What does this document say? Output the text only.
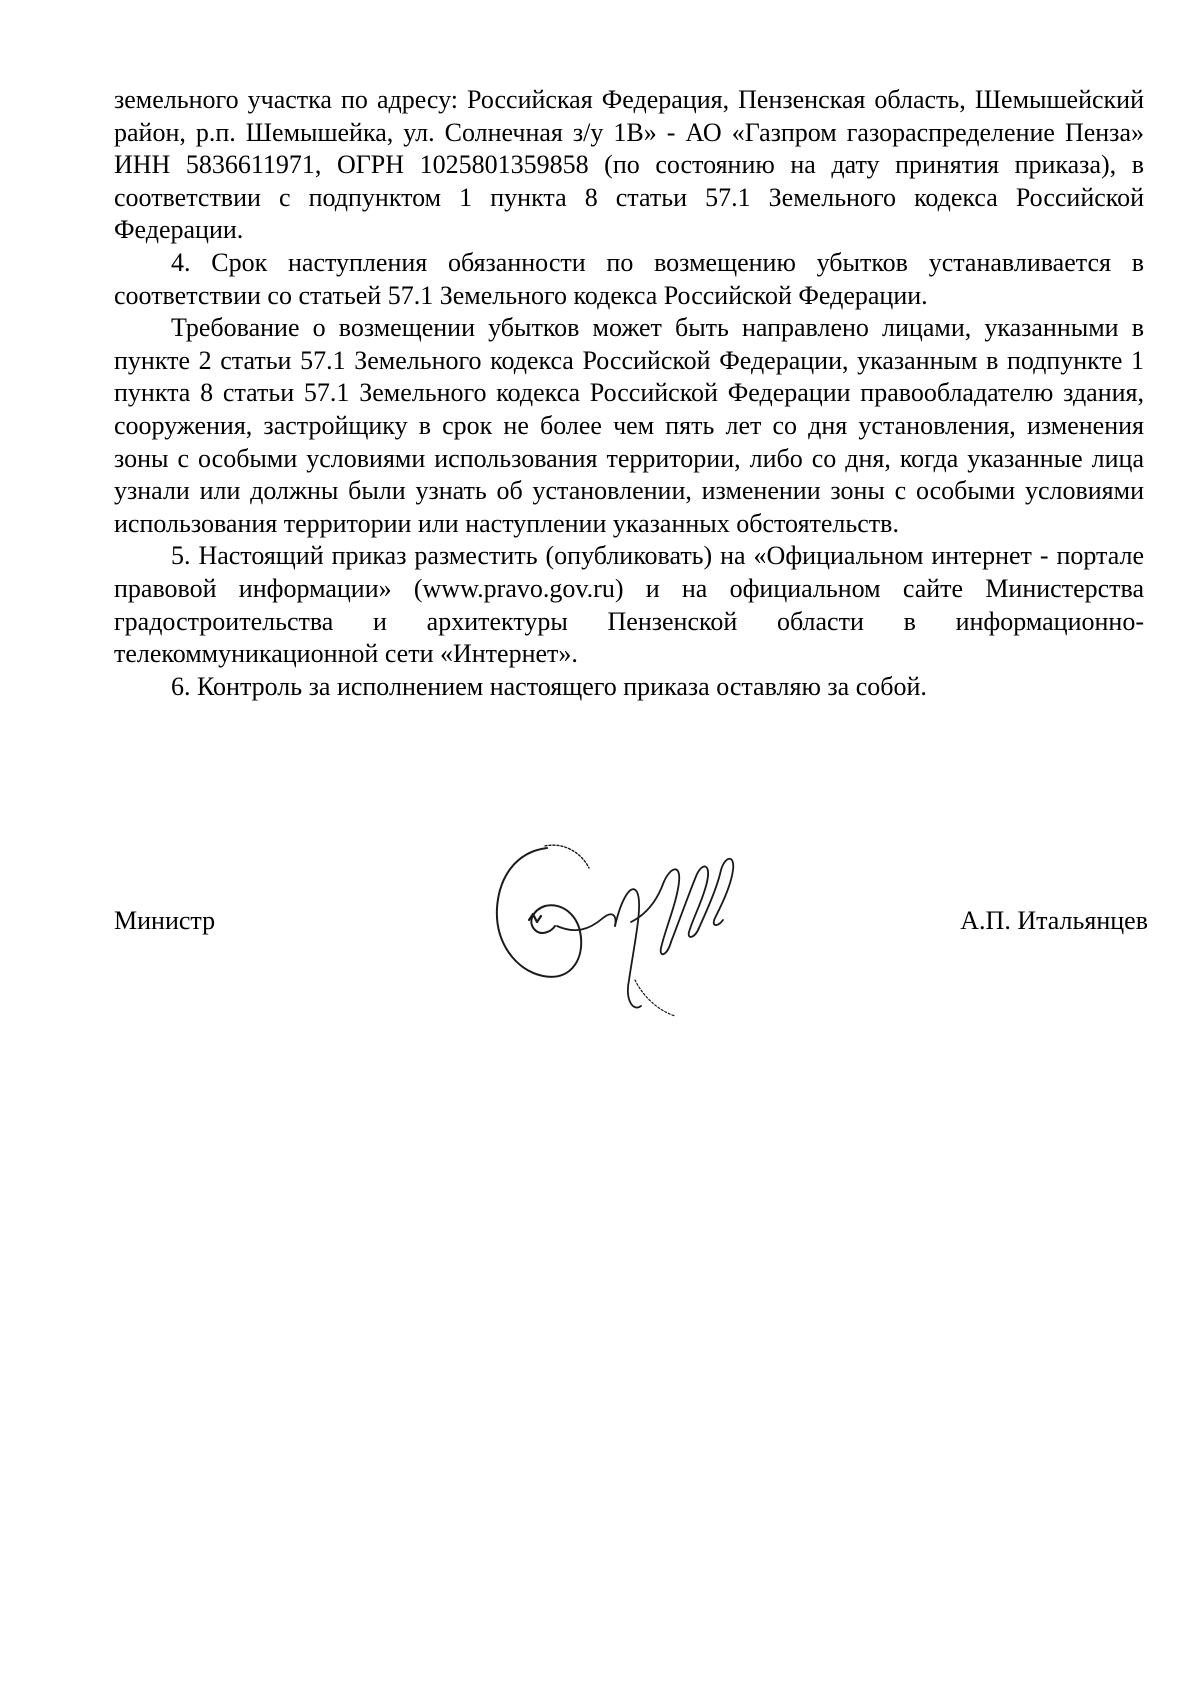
земельного участка по адресу: Российская Федерация, Пензенская область, Шемышейский район, р.п. Шемышейка, ул. Солнечная з/у 1В» - АО «Газпром газораспределение Пенза» ИНН 5836611971, ОГРН 1025801359858 (по состоянию на дату принятия приказа), в соответствии с подпунктом 1 пункта 8 статьи 57.1 Земельного кодекса Российской Федерации.

4. Срок наступления обязанности по возмещению убытков устанавливается в соответствии со статьей 57.1 Земельного кодекса Российской Федерации.

Требование о возмещении убытков может быть направлено лицами, указанными в пункте 2 статьи 57.1 Земельного кодекса Российской Федерации, указанным в подпункте 1 пункта 8 статьи 57.1 Земельного кодекса Российской Федерации правообладателю здания, сооружения, застройщику в срок не более чем пять лет со дня установления, изменения зоны с особыми условиями использования территории, либо со дня, когда указанные лица узнали или должны были узнать об установлении, изменении зоны с особыми условиями использования территории или наступлении указанных обстоятельств.

5. Настоящий приказ разместить (опубликовать) на «Официальном интернет - портале правовой информации» (www.pravo.gov.ru) и на официальном сайте Министерства градостроительства и архитектуры Пензенской области в информационно-телекоммуникационной сети «Интернет».

6. Контроль за исполнением настоящего приказа оставляю за собой.

Министр	А.П. Итальянцев
